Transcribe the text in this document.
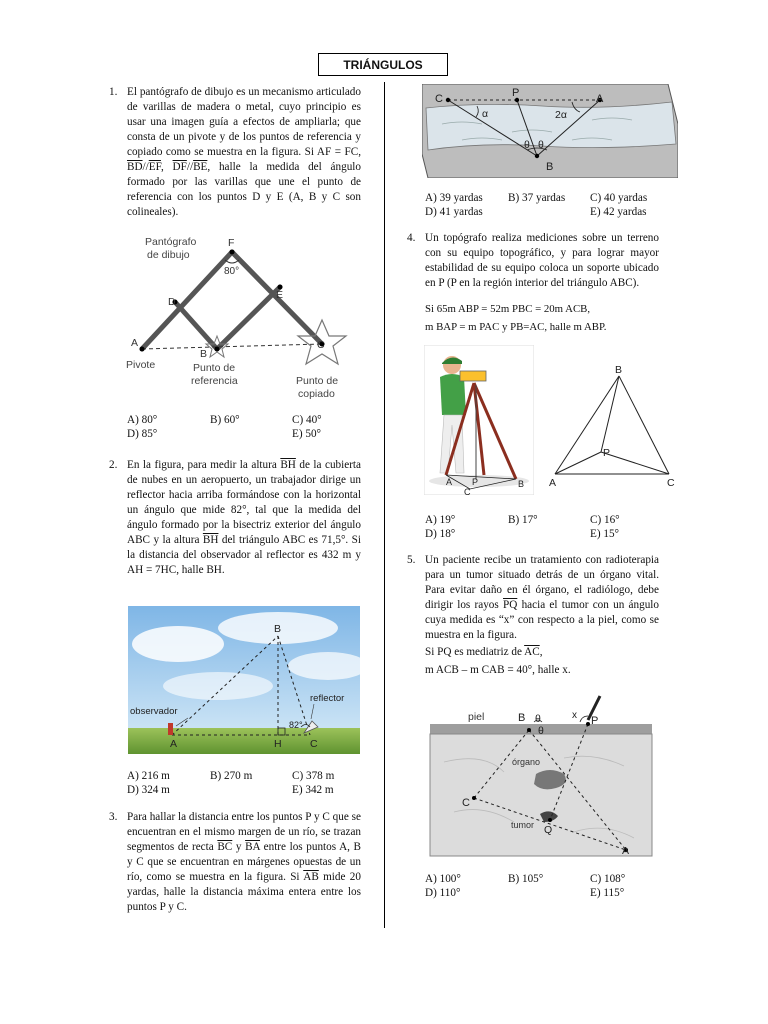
TRIÁNGULOS
1. El pantógrafo de dibujo es un mecanismo articulado de varillas de madera o metal, cuyo principio es usar una imagen guía a efectos de ampliarla; que consta de un pivote y de los puntos de referencia y copiado como se muestra en la figura. Si AF = FC, $\overline{BD}//\overline{EF}$, $\overline{DF}//\overline{BE}$, halle la medida del ángulo formado por las varillas que une el punto de referencia con los puntos D y E (A, B y C son colineales).
Pantógrafo
de dibujo
F
80°
D
E
A
B
C
Pivote	Punto de
referencia	Punto de
copiado
A) 80°	B) 60°	C) 40°
D) 85°	E) 50°
2. En la figura, para medir la altura $\overline{BH}$ de la cubierta de nubes en un aeropuerto, un trabajador dirige un reflector hacia arriba formándose con la horizontal un ángulo que mide 82°, tal que la medida del ángulo formado por la bisectriz exterior del ángulo ABC y la altura $\overline{BH}$ del triángulo ABC es 71,5°. Si la distancia del observador al reflector es 432 m y AH = 7HC, halle BH.
B
observador
reflector
82°
A	H	C
A) 216 m	B) 270 m	C) 378 m
D) 324 m	E) 342 m
3. Para hallar la distancia entre los puntos P y C que se encuentran en el mismo margen de un río, se trazan segmentos de recta $\overline{BC}$ y $\overline{BA}$ entre los puntos A, B y C que se encuentran en márgenes opuestas de un río, como se muestra en la figura. Si $\overline{AB}$ mide 20 yardas, halle la distancia máxima entera entre los puntos P y C.
C	P	A
α	2α
θ θ
B
A) 39 yardas B) 37 yardas C) 40 yardas
D) 41 yardas	E) 42 yardas
4. Un topógrafo realiza mediciones sobre un terreno con su equipo topográfico, y para lograr mayor estabilidad de su equipo coloca un soporte ubicado en P (P en la región interior del triángulo ABC).
Si 65m ABP = 52m PBC = 20m ACB,
m BAP = m PAC y PB=AC, halle m ABP.
A P	B
C
B
P
A	C
A) 19°	B) 17°	C) 16°
D) 18°	E) 15°
5. Un paciente recibe un tratamiento con radioterapia para un tumor situado detrás de un órgano vital. Para evitar daño en él órgano, el radiólogo, debe dirigir los rayos $\overline{PQ}$ hacia el tumor con un ángulo cuya medida es “x” con respecto a la piel, como se muestra en la figura.
Si PQ es mediatriz de $\overline{AC}$,
m ACB – m CAB = 40°, halle x.
piel	B θ
θ
x P
órgano
C
tumor Q
A
A) 100°	B) 105°	C) 108°
D) 110°	E) 115°
